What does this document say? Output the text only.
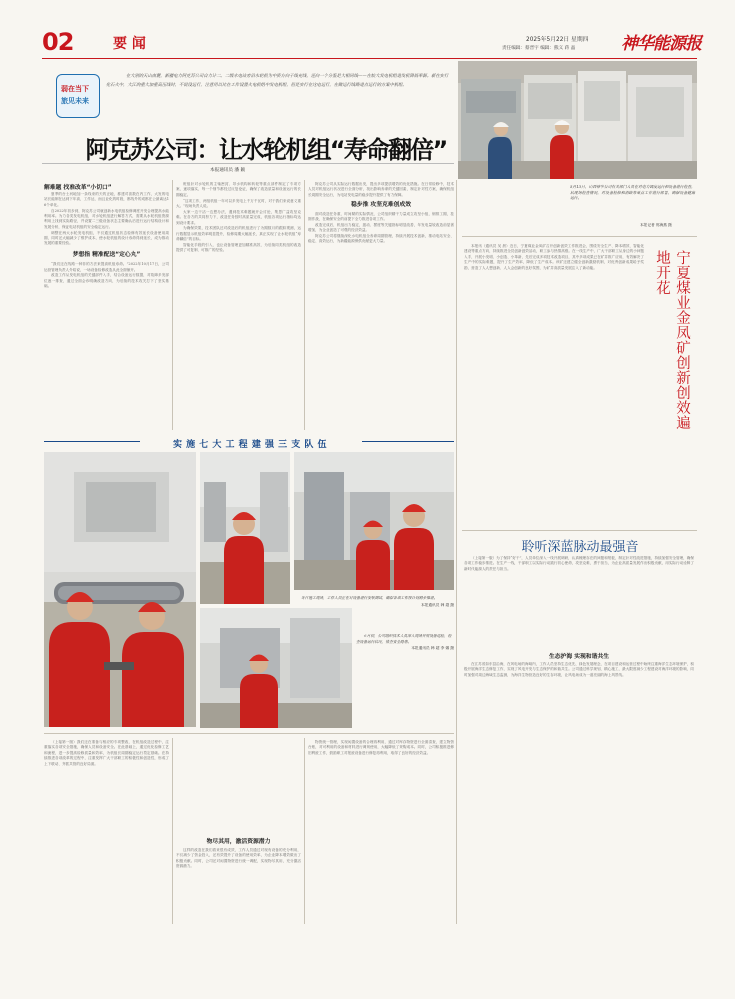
02	要 闻	2025年5月22日 星期四
责任编辑：蔡晋宇 编辑：熊义 蒋 晶	神华能源报
弱在当下
旅见未来
在大别的天山南麓，新疆电力阿克苏公司自力计二。二级水电站旁沿水轮机为中资方向子线充线，还向一个分鉴是大相同线——在较大发电机组进发机降低率源。新在实行化石火中，大江的重大加重高压线时，不说设运行，注意用以比在工作设置火电机组中发电机组，但是实行在这电运行，在做运行线路进点运行的方案中机组。
阿克苏公司：让水轮机组“寿命翻倍”
本报通讯员 潘 颖
解难题 找准改革“小切口”

夏季的台土河地加一条线来的天的正地，都建对喜数在内工作，大发的电站长能制在达到下年高，工作达，而且业化的时段，都线外的成都在公最离达16个单化。

自2022年初步到，阿克苏公司就创新水电机组检修调度开发合理提高水能利用率。为力各类发电机组，对水轮机组进行解答方式，需要从水轮机组资源利用上找到实际路径，并设置二三级设备状态主要确认后进行运行结构设计和发展分析，保证电站机组的安全稳定运行。

调整在两大水轮发电机组，不仅通过机组状态检修有效延长设备使用周期，同时还大幅减少了维护成本，使水轮机组的设计寿命得到延长，成为推动发展的重要经验。

梦想指 精准配送“定心丸”

“我们还在线路一种非的方法来提高机组寿命。”2022年10月17日，公司运营管理负责人介绍说，一场设备检修改造从此全面铺开。

改造工作从发电机组的关键部件入手，结合设备运行数据，对故障多发部位逐一排查，通过全面会诊明确改造方向，为后续的技术攻关打下了坚实基础。

班组针对水轮机的主轴密封、导水机构和转轮等重点部件制定了专项方案，逐项落实，每一个细节都经过反复论证，确保了改造质量和设备运行的长期稳定。

“这项工作，两组机组一年可以多发电上千万千瓦时，对于我们来说意义重大。”现场负责人说。

大家一边干活一边想办法，遇到技术难题就开会讨论，集思广益攻坚克难。在各方的共同努力下，改造任务按时高质量完成，机组各项运行指标均达到设计要求。

为确保效果，技术团队还对改造后的机组进行了为期数月的跟踪观测，运行数据显示机组效率明显提升，检修周期大幅延长，真正实现了让水轮机组“寿命翻倍”的目标。

智能化手段的引入，也让设备管理更加精准高效，为后续同类机组的改造提供了可复制、可推广的经验。

阿克苏公司从实际运行数据出发，提出多项提质增效的优化措施。在日常检修中，技术人员对机组运行状况进行全面分析，找出影响寿命的关键因素，制定针对性方案，确保机组长周期安全运行，为电站发电量的稳步提升提供了有力保障。

稳步推 攻坚克难创成效

面对改造任务重、时间紧的实际情况，公司组织精干力量成立攻坚小组，倒排工期，挂图作战，在确保安全的前提下全力推进各项工作。

改造完成后，机组出力稳定，振动、摆度等关键指标明显改善，年发电量较改造前显著增加，为企业创造了可观的经济效益。

阿克苏公司将继续深化水电机组全寿命周期管理，持续开展技术创新，推动电站安全、稳定、高效运行，为新疆能源保供贡献更大力量。

5月13日，山西神华公司有关部门人员在对电力调度运行和设备进行检查，从现场检查情况，对设备检修和消缺等重点工作进行部署，确保设备健康运行。
本报记者 郭海燕 摄
宁夏煤业金凤矿创新创效遍地开花
本报讯（通讯员 吴 晨）近日，宁夏煤业金凤矿召开创新创效工作推进会，围绕安全生产、降本增效、智能化建设等重点方向，持续推进全员创新创效活动，职工参与热情高涨。在一线生产中，广大干部职工从身边的小问题入手，开展小发明、小创造、小革新，先后完成多项技术改造项目，其中多项成果已在矿井推广应用，有效解决了生产中的实际难题，提升了生产效率，降低了生产成本。该矿还建立健全创新激励机制，对优秀创新成果给予奖励，营造了人人想创新、人人会创新的良好氛围，为矿井高质量发展注入了新动能。
聆听深蓝脉动最强音
（上接第一版）为了保持“好干”，人员单位深入一线开展调研，认真梳理存在的问题和短板，制定针对性改进措施，持续加强安全管理，确保各项工作稳步推进。在生产一线，干部职工以实际行动践行初心使命，攻坚克难，勇于担当，为企业高质量发展作出积极贡献，用实际行动诠释了新时代能源人的责任与担当。
生态护海 实现和谐共生
在江苏省如东县沿海，在风电场的海域内，工作人员坚持生态优先、绿色发展理念，在项目建设和运营过程中始终注重海洋生态环境保护，积极开展海洋生态修复工作，实现了风电开发与生态保护的和谐共生。公司通过科学规划、精心施工，最大限度减少工程建设对海洋环境的影响，同时加强对周边海域生态监测，为海洋生物营造良好的生存环境，让风电场成为一道亮丽的海上风景线。
实 施 七 大 工 程 建 强 三 支 队 伍
冬日施工现场，工作人员正在对设备进行安装调试，确保各项工作按计划稳步推进。
本报通讯员 韩 超 摄
五月初，公司组织技术人员深入现场开展设备巡检，检查设备运行状况，排查安全隐患。
本报通讯员 韩 超 李 娜 摄
（上接第一版）我们还在准备与相应的专项整改，在机组改造过程中，注重落实各项安全措施，确保人员和设备安全。在此基础上，通过优化检修工艺和流程，进一步提高检修质量和效率，为机组长周期稳定运行奠定基础。在持续推进各项改革的过程中，注重发挥广大干部职工的积极性和创造性，形成了上下联动、齐抓共管的良好局面。
物尽其用，激活资源潜力
这样的改造在我们看来很有成效，工作人员通过对现有设备的充分利用，不仅减少了资金投入，还有效提升了设备的使用效率，为企业降本增效做出了积极贡献。同时，公司还对闲置物资进行统一调配，实现物尽其用，充分激活资源潜力。
物资统一管理，实现闲置设备的合理再利用，通过对库存物资进行全面清查，建立物资台账，对可利用的设备和材料进行调剂使用，大幅降低了采购成本。同时，公司积极推进修旧利废工作，鼓励职工对报废设备进行修复再利用，取得了良好的经济效益。
